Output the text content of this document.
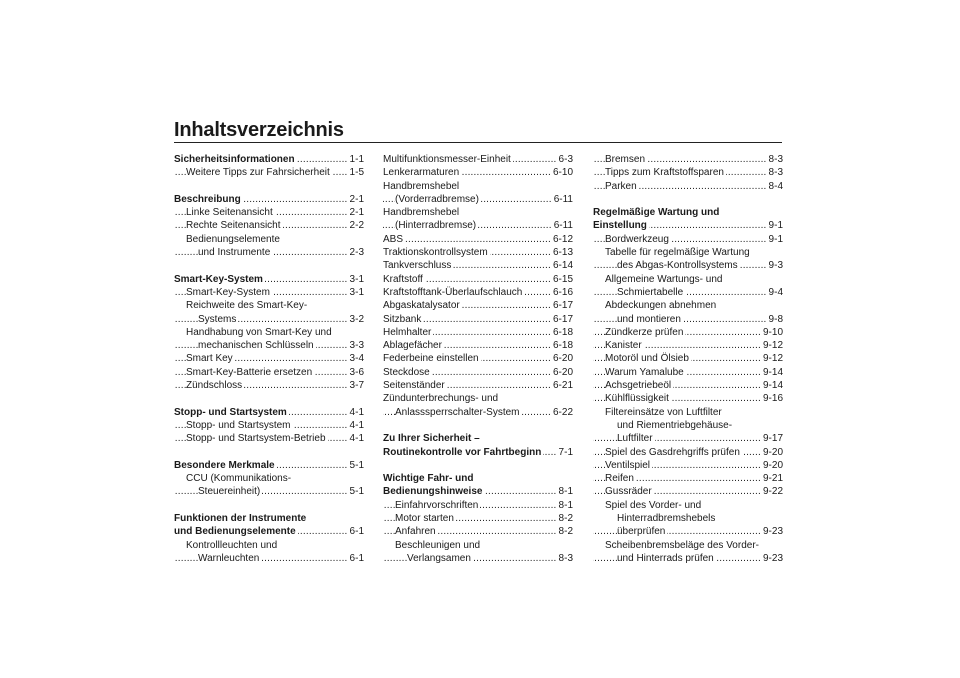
Inhaltsverzeichnis
Sicherheitsinformationen	..... 1-1
Weitere Tipps zur Fahrsicherheit ..... 1-5
Beschreibung	..... 2-1
Linke Seitenansicht	..... 2-1
Rechte Seitenansicht	..... 2-2
Bedienungselemente
und Instrumente	..... 2-3
Smart-Key-System	..... 3-1
Smart-Key-System	..... 3-1
Reichweite des Smart-Key-
Systems	..... 3-2
Handhabung von Smart-Key und
mechanischen Schlüsseln	..... 3-3
Smart Key	..... 3-4
Smart-Key-Batterie ersetzen	..... 3-6
Zündschloss	..... 3-7
Stopp- und Startsystem	..... 4-1
Stopp- und Startsystem	..... 4-1
Stopp- und Startsystem-Betrieb ..... 4-1
Besondere Merkmale	..... 5-1
CCU (Kommunikations-
Steuereinheit)	..... 5-1
Funktionen der Instrumente
und Bedienungselemente	..... 6-1
Kontrollleuchten und
Warnleuchten	..... 6-1
Multifunktionsmesser-Einheit	..... 6-3
Lenkerarmaturen	..... 6-10
Handbremshebel
(Vorderradbremse)	..... 6-11
Handbremshebel
(Hinterradbremse)	..... 6-11
ABS	..... 6-12
Traktionskontrollsystem	..... 6-13
Tankverschluss	..... 6-14
Kraftstoff	..... 6-15
Kraftstofftank-Überlaufschlauch	..... 6-16
Abgaskatalysator	..... 6-17
Sitzbank	..... 6-17
Helmhalter	..... 6-18
Ablagefächer	..... 6-18
Federbeine einstellen	..... 6-20
Steckdose	..... 6-20
Seitenständer	..... 6-21
Zündunterbrechungs- und
Anlasssperrschalter-System	..... 6-22
Zu Ihrer Sicherheit –
Routinekontrolle vor Fahrtbeginn ..... 7-1
Wichtige Fahr- und
Bedienungshinweise	..... 8-1
Einfahrvorschriften	..... 8-1
Motor starten	..... 8-2
Anfahren	..... 8-2
Beschleunigen und
Verlangsamen	..... 8-3
Bremsen	..... 8-3
Tipps zum Kraftstoffsparen	..... 8-3
Parken	..... 8-4
Regelmäßige Wartung und
Einstellung	..... 9-1
Bordwerkzeug	..... 9-1
Tabelle für regelmäßige Wartung
des Abgas-Kontrollsystems	..... 9-3
Allgemeine Wartungs- und
Schmiertabelle	..... 9-4
Abdeckungen abnehmen
und montieren	..... 9-8
Zündkerze prüfen	..... 9-10
Kanister	..... 9-12
Motoröl und Ölsieb	..... 9-12
Warum Yamalube	..... 9-14
Achsgetriebeöl	..... 9-14
Kühlflüssigkeit	..... 9-16
Filtereinsätze von Luftfilter
und Riementriebgehäuse-
Luftfilter	..... 9-17
Spiel des Gasdrehgriffs prüfen ..... 9-20
Ventilspiel	..... 9-20
Reifen	..... 9-21
Gussräder	..... 9-22
Spiel des Vorder- und
Hinterradbremshebels
überprüfen	..... 9-23
Scheibenbremsbeläge des Vorder-
und Hinterrads prüfen	..... 9-23
